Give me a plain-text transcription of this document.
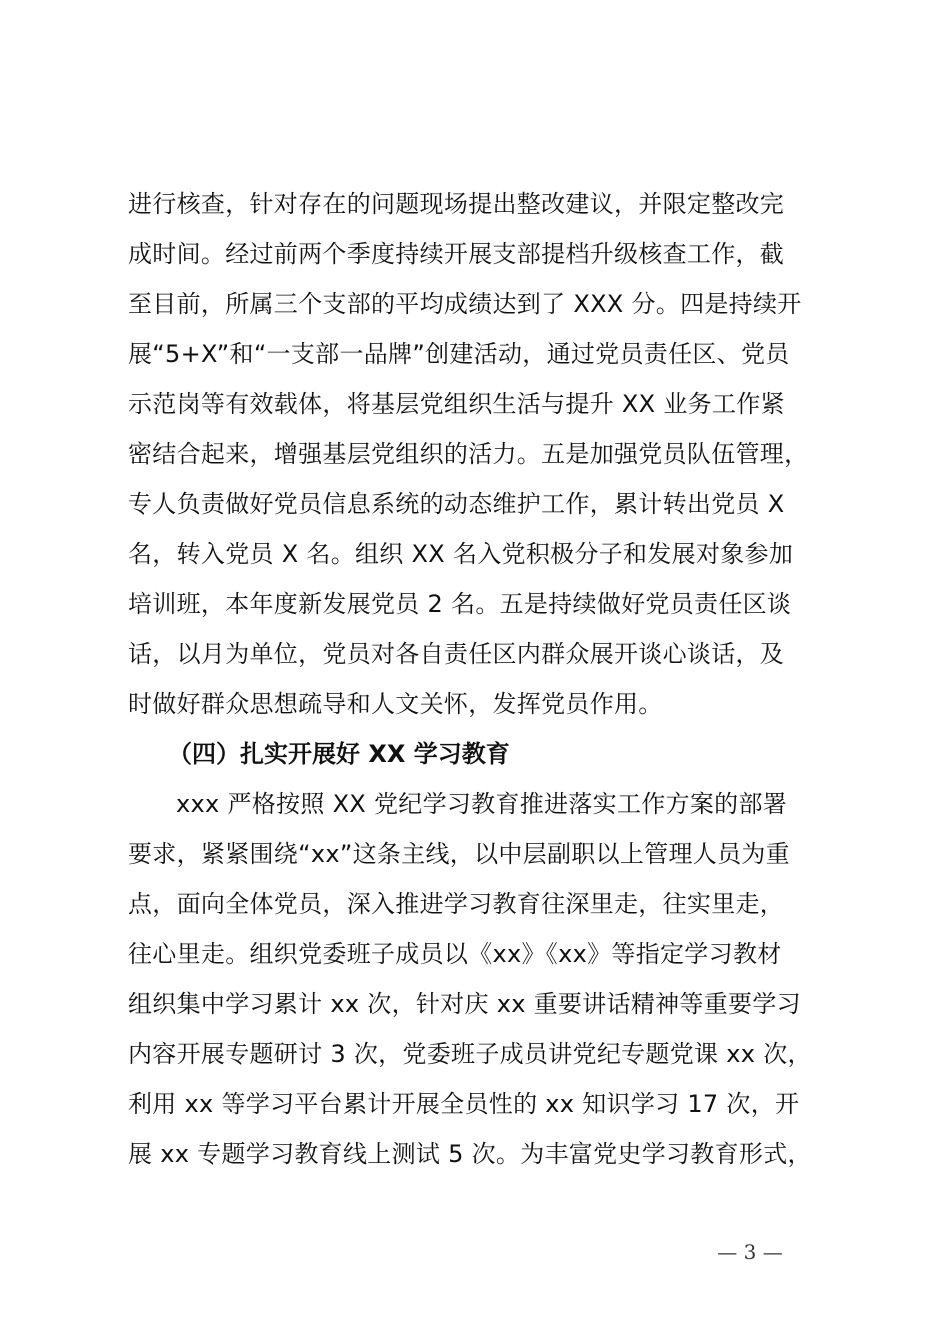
进行核查，针对存在的问题现场提出整改建议，并限定整改完
成时间。经过前两个季度持续开展支部提档升级核查工作，截
至目前，所属三个支部的平均成绩达到了 XXX 分。四是持续开
展“5+X”和“一支部一品牌”创建活动，通过党员责任区、党员
示范岗等有效载体，将基层党组织生活与提升 XX 业务工作紧
密结合起来，增强基层党组织的活力。五是加强党员队伍管理，
专人负责做好党员信息系统的动态维护工作，累计转出党员 X
名，转入党员 X 名。组织 XX 名入党积极分子和发展对象参加
培训班，本年度新发展党员 2 名。五是持续做好党员责任区谈
话，以月为单位，党员对各自责任区内群众展开谈心谈话，及
时做好群众思想疏导和人文关怀，发挥党员作用。
（四）扎实开展好 XX 学习教育
xxx 严格按照 XX 党纪学习教育推进落实工作方案的部署
要求，紧紧围绕“xx”这条主线，以中层副职以上管理人员为重
点，面向全体党员，深入推进学习教育往深里走，往实里走，
往心里走。组织党委班子成员以《xx》《xx》等指定学习教材
组织集中学习累计 xx 次，针对庆 xx 重要讲话精神等重要学习
内容开展专题研讨 3 次，党委班子成员讲党纪专题党课 xx 次，
利用 xx 等学习平台累计开展全员性的 xx 知识学习 17 次，开
展 xx 专题学习教育线上测试 5 次。为丰富党史学习教育形式，
— 3 —
